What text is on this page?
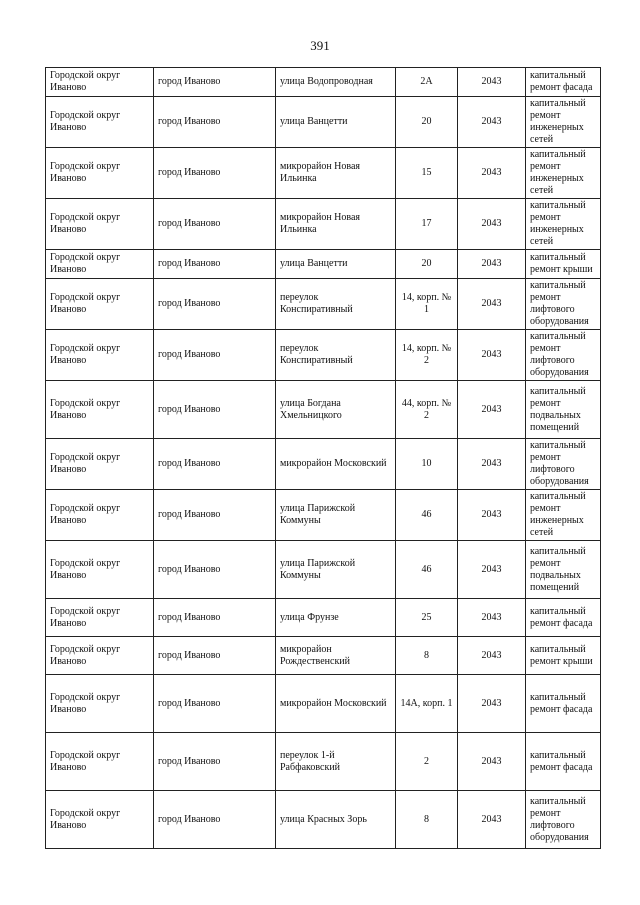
391
Городской округ Иваново	город Иваново	улица Водопроводная	2А	2043	капитальный ремонт фасада
Городской округ Иваново	город Иваново	улица Ванцетти	20	2043	капитальный ремонт инженерных сетей
Городской округ Иваново	город Иваново	микрорайон Новая Ильинка	15	2043	капитальный ремонт инженерных сетей
Городской округ Иваново	город Иваново	микрорайон Новая Ильинка	17	2043	капитальный ремонт инженерных сетей
Городской округ Иваново	город Иваново	улица Ванцетти	20	2043	капитальный ремонт крыши
Городской округ Иваново	город Иваново	переулок Конспиративный	14, корп. № 1	2043	капитальный ремонт лифтового оборудования
Городской округ Иваново	город Иваново	переулок Конспиративный	14, корп. № 2	2043	капитальный ремонт лифтового оборудования
Городской округ Иваново	город Иваново	улица Богдана Хмельницкого	44, корп. № 2	2043	капитальный ремонт подвальных помещений
Городской округ Иваново	город Иваново	микрорайон Московский	10	2043	капитальный ремонт лифтового оборудования
Городской округ Иваново	город Иваново	улица Парижской Коммуны	46	2043	капитальный ремонт инженерных сетей
Городской округ Иваново	город Иваново	улица Парижской Коммуны	46	2043	капитальный ремонт подвальных помещений
Городской округ Иваново	город Иваново	улица Фрунзе	25	2043	капитальный ремонт фасада
Городской округ Иваново	город Иваново	микрорайон Рождественский	8	2043	капитальный ремонт крыши
Городской округ Иваново	город Иваново	микрорайон Московский	14А, корп. 1	2043	капитальный ремонт фасада
Городской округ Иваново	город Иваново	переулок 1-й Рабфаковский	2	2043	капитальный ремонт фасада
Городской округ Иваново	город Иваново	улица Красных Зорь	8	2043	капитальный ремонт лифтового оборудования
